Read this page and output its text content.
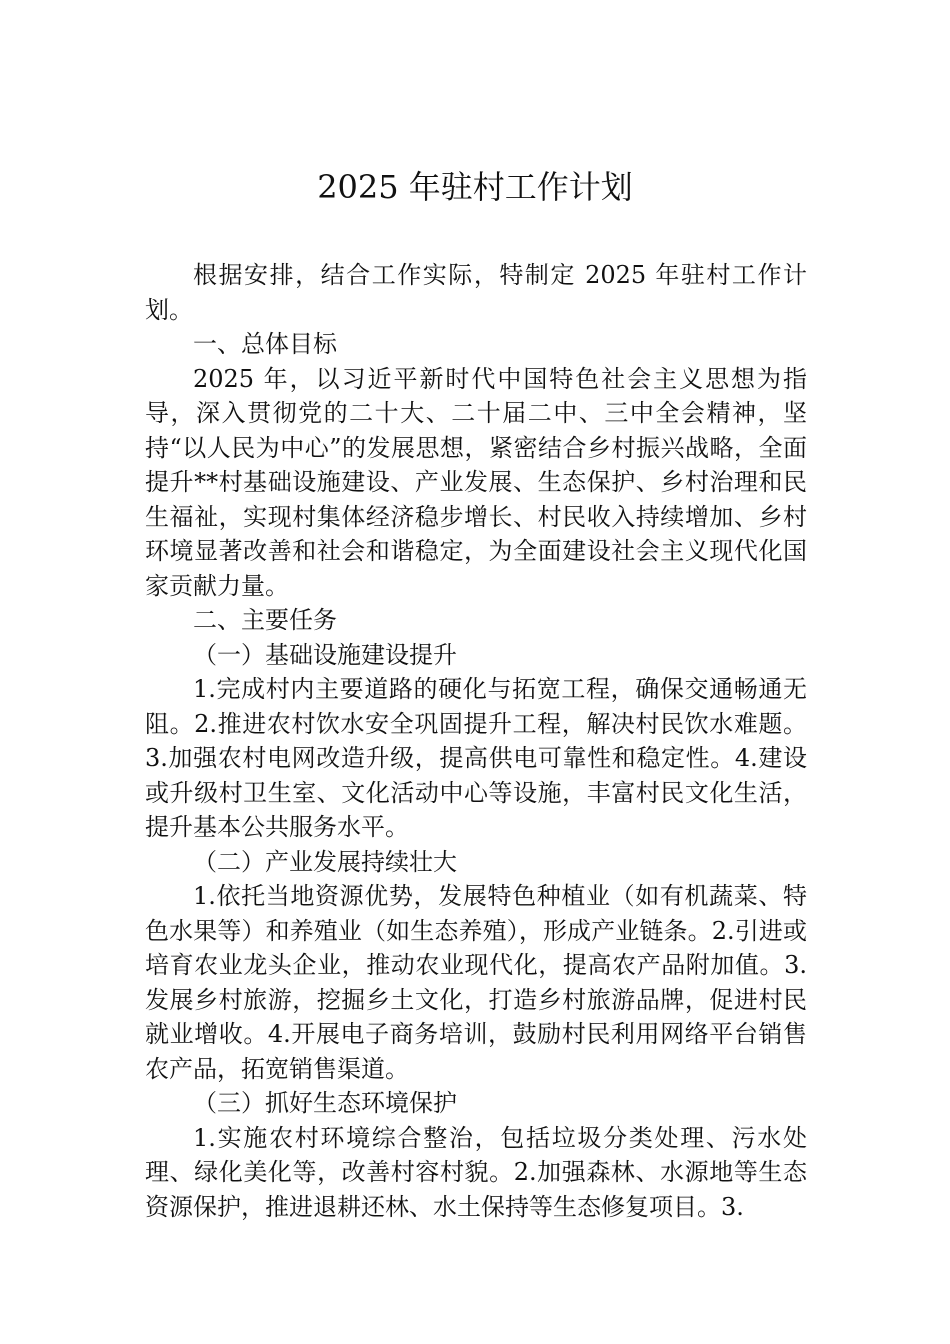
2025 年驻村工作计划

根据安排，结合工作实际，特制定 2025 年驻村工作计划。

一、总体目标

2025 年，以习近平新时代中国特色社会主义思想为指导，深入贯彻党的二十大、二十届二中、三中全会精神，坚持“以人民为中心”的发展思想，紧密结合乡村振兴战略，全面提升**村基础设施建设、产业发展、生态保护、乡村治理和民生福祉，实现村集体经济稳步增长、村民收入持续增加、乡村环境显著改善和社会和谐稳定，为全面建设社会主义现代化国家贡献力量。

二、主要任务

（一）基础设施建设提升

1.完成村内主要道路的硬化与拓宽工程，确保交通畅通无阻。2.推进农村饮水安全巩固提升工程，解决村民饮水难题。3.加强农村电网改造升级，提高供电可靠性和稳定性。4.建设或升级村卫生室、文化活动中心等设施，丰富村民文化生活，提升基本公共服务水平。

（二）产业发展持续壮大

1.依托当地资源优势，发展特色种植业（如有机蔬菜、特色水果等）和养殖业（如生态养殖），形成产业链条。2.引进或培育农业龙头企业，推动农业现代化，提高农产品附加值。3.发展乡村旅游，挖掘乡土文化，打造乡村旅游品牌，促进村民就业增收。4.开展电子商务培训，鼓励村民利用网络平台销售农产品，拓宽销售渠道。

（三）抓好生态环境保护

1.实施农村环境综合整治，包括垃圾分类处理、污水处理、绿化美化等，改善村容村貌。2.加强森林、水源地等生态资源保护，推进退耕还林、水土保持等生态修复项目。3.
